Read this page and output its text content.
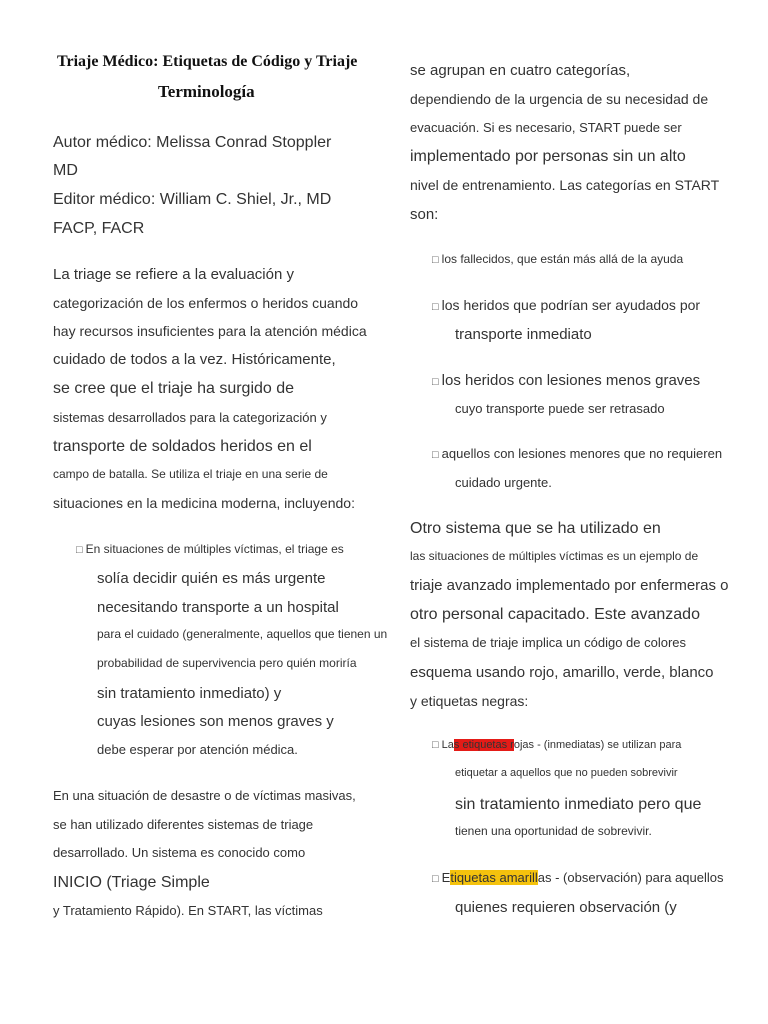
Triaje Médico: Etiquetas de Código y Triaje
Terminología
Autor médico: Melissa Conrad Stoppler
MD
Editor médico: William C. Shiel, Jr., MD
FACP, FACR
La triage se refiere a la evaluación y
categorización de los enfermos o heridos cuando
hay recursos insuficientes para la atención médica
cuidado de todos a la vez. Históricamente,
se cree que el triaje ha surgido de
sistemas desarrollados para la categorización y
transporte de soldados heridos en el
campo de batalla. Se utiliza el triaje en una serie de
situaciones en la medicina moderna, incluyendo:
□ En situaciones de múltiples víctimas, el triage es
solía decidir quién es más urgente
necesitando transporte a un hospital
para el cuidado (generalmente, aquellos que tienen un
probabilidad de supervivencia pero quién moriría
sin tratamiento inmediato) y
cuyas lesiones son menos graves y
debe esperar por atención médica.
En una situación de desastre o de víctimas masivas,
se han utilizado diferentes sistemas de triage
desarrollado. Un sistema es conocido como
INICIO (Triage Simple
y Tratamiento Rápido). En START, las víctimas
se agrupan en cuatro categorías,
dependiendo de la urgencia de su necesidad de
evacuación. Si es necesario, START puede ser
implementado por personas sin un alto
nivel de entrenamiento. Las categorías en START
son:
□ los fallecidos, que están más allá de la ayuda
□ los heridos que podrían ser ayudados por
transporte inmediato
□ los heridos con lesiones menos graves
cuyo transporte puede ser retrasado
□ aquellos con lesiones menores que no requieren
cuidado urgente.
Otro sistema que se ha utilizado en
las situaciones de múltiples víctimas es un ejemplo de
triaje avanzado implementado por enfermeras o
otro personal capacitado. Este avanzado
el sistema de triaje implica un código de colores
esquema usando rojo, amarillo, verde, blanco
y etiquetas negras:
□ Las etiquetas rojas - (inmediatas) se utilizan para
etiquetar a aquellos que no pueden sobrevivir
sin tratamiento inmediato pero que
tienen una oportunidad de sobrevivir.
□ Etiquetas amarillas - (observación) para aquellos
quienes requieren observación (y
